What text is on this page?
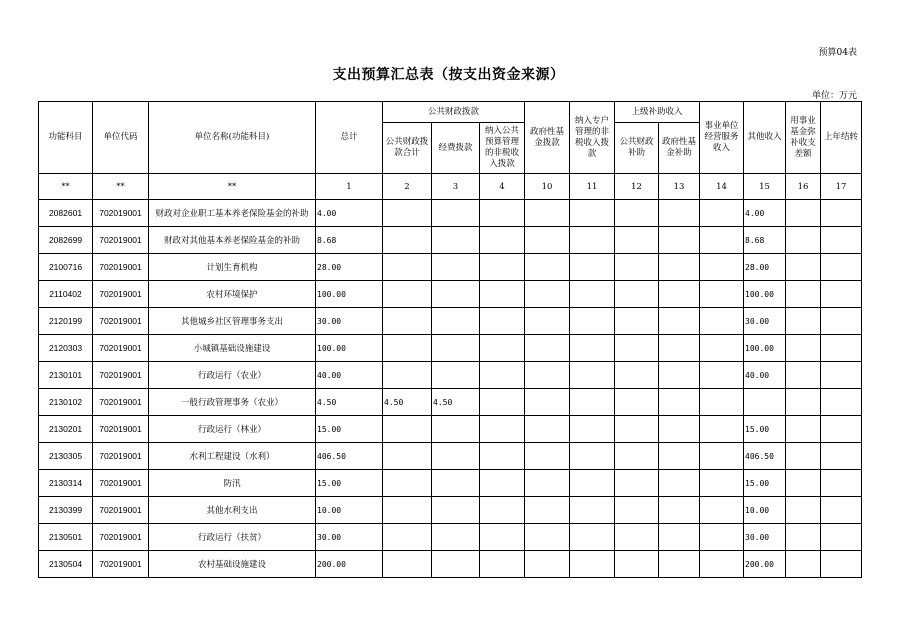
预算04表
支出预算汇总表（按支出资金来源）
单位：万元
功能科目	单位代码	单位名称(功能科目)	总计	公共财政拨款			政府性基金拨款	纳入专户管理的非税收入拨款	上级补助收入		事业单位经营服务收入	其他收入	用事业基金弥补收支差额	上年结转
				公共财政拨款合计	经费拨款	纳入公共预算管理的非税收入拨款			公共财政补助	政府性基金补助				
**	**	**	1	2	3	4	10	11	12	13	14	15	16	17
2082601	702019001	财政对企业职工基本养老保险基金的补助	4.00									4.00		
2082699	702019001	财政对其他基本养老保险基金的补助	8.68									8.68		
2100716	702019001	计划生育机构	28.00									28.00		
2110402	702019001	农村环境保护	100.00									100.00		
2120199	702019001	其他城乡社区管理事务支出	30.00									30.00		
2120303	702019001	小城镇基础设施建设	100.00									100.00		
2130101	702019001	行政运行（农业）	40.00									40.00		
2130102	702019001	一般行政管理事务（农业）	4.50	4.50	4.50									
2130201	702019001	行政运行（林业）	15.00									15.00		
2130305	702019001	水利工程建设（水利）	406.50									406.50		
2130314	702019001	防汛	15.00									15.00		
2130399	702019001	其他水利支出	10.00									10.00		
2130501	702019001	行政运行（扶贫）	30.00									30.00		
2130504	702019001	农村基础设施建设	200.00									200.00		
